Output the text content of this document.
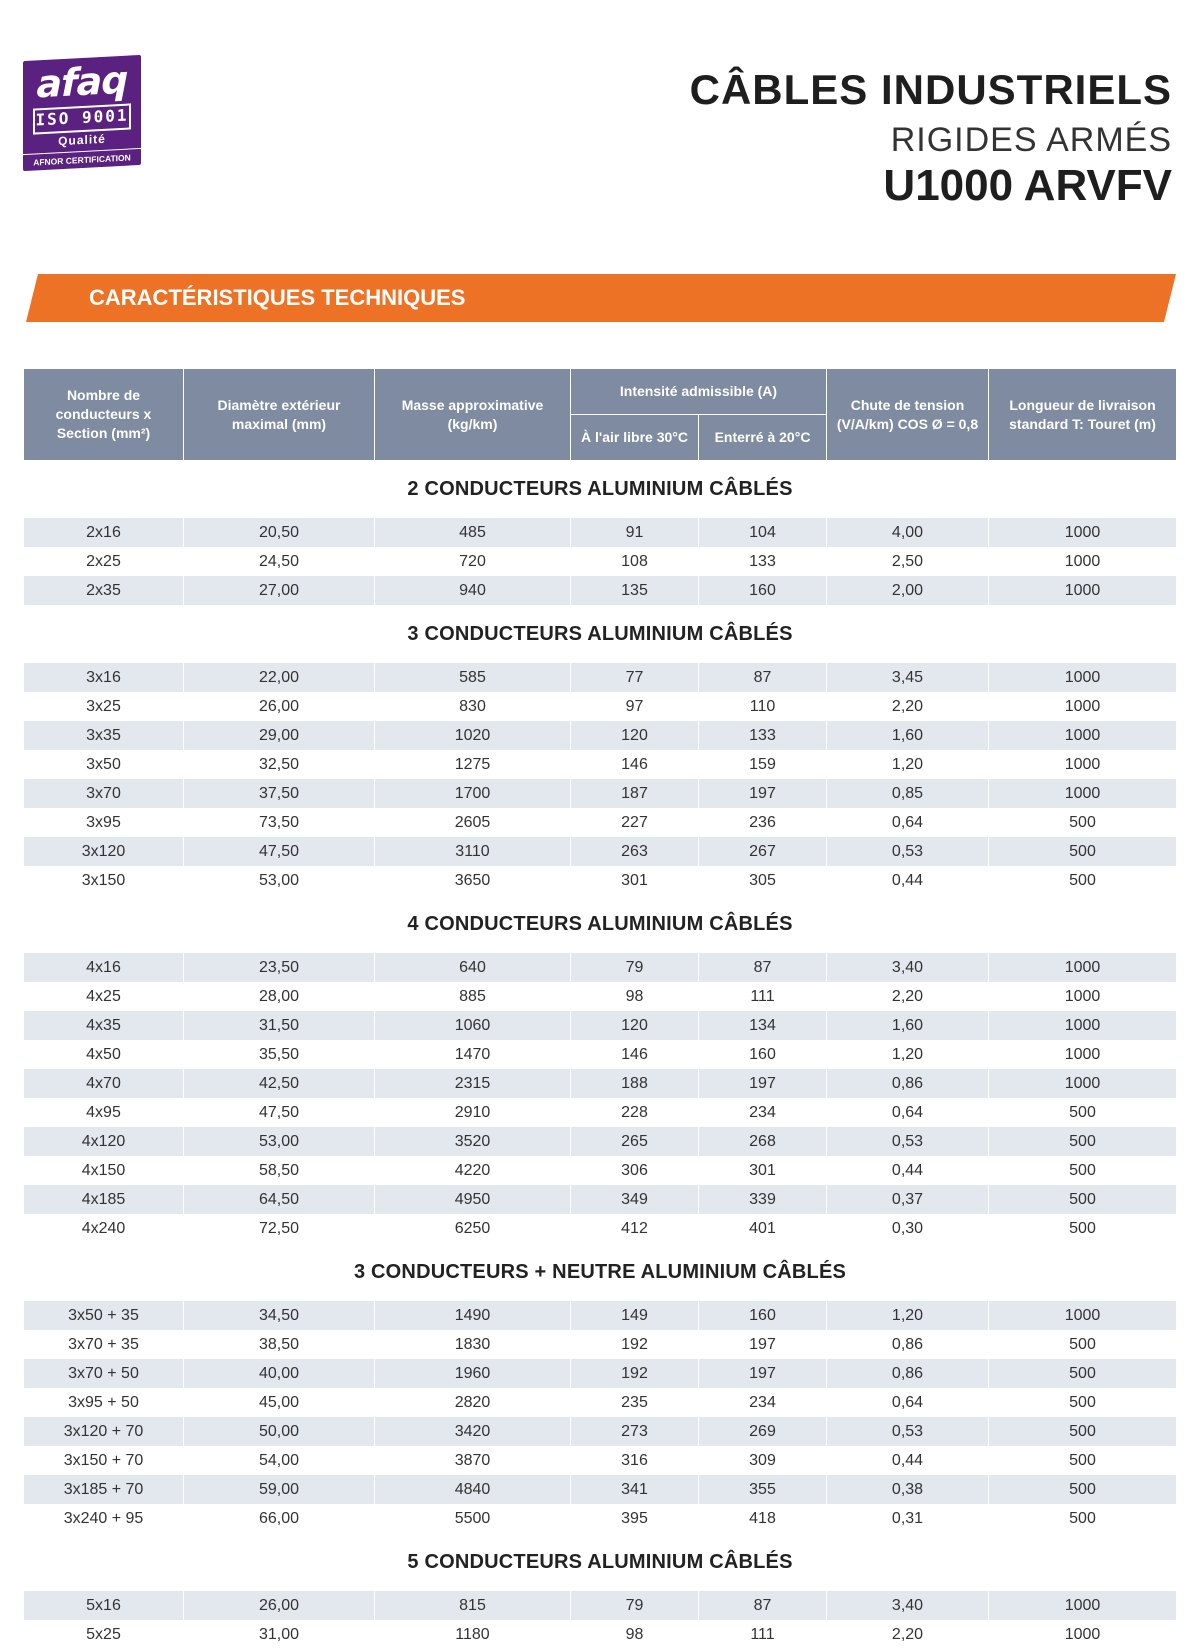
afaq
ISO 9001
Qualité
AFNOR CERTIFICATION
CÂBLES INDUSTRIELS
RIGIDES ARMÉS
U1000 ARVFV
CARACTÉRISTIQUES TECHNIQUES
Nombre de conducteurs x Section (mm²)	Diamètre extérieur maximal (mm)	Masse approximative (kg/km)	Intensité admissible (A)		Chute de tension (V/A/km) COS Ø = 0,8	Longueur de livraison standard T: Touret (m)
			À l'air libre 30°C	Enterré à 20°C		
2 CONDUCTEURS ALUMINIUM CÂBLÉS						
2x16	20,50	485	91	104	4,00	1000
2x25	24,50	720	108	133	2,50	1000
2x35	27,00	940	135	160	2,00	1000
3 CONDUCTEURS ALUMINIUM CÂBLÉS						
3x16	22,00	585	77	87	3,45	1000
3x25	26,00	830	97	110	2,20	1000
3x35	29,00	1020	120	133	1,60	1000
3x50	32,50	1275	146	159	1,20	1000
3x70	37,50	1700	187	197	0,85	1000
3x95	73,50	2605	227	236	0,64	500
3x120	47,50	3110	263	267	0,53	500
3x150	53,00	3650	301	305	0,44	500
4 CONDUCTEURS ALUMINIUM CÂBLÉS						
4x16	23,50	640	79	87	3,40	1000
4x25	28,00	885	98	111	2,20	1000
4x35	31,50	1060	120	134	1,60	1000
4x50	35,50	1470	146	160	1,20	1000
4x70	42,50	2315	188	197	0,86	1000
4x95	47,50	2910	228	234	0,64	500
4x120	53,00	3520	265	268	0,53	500
4x150	58,50	4220	306	301	0,44	500
4x185	64,50	4950	349	339	0,37	500
4x240	72,50	6250	412	401	0,30	500
3 CONDUCTEURS + NEUTRE ALUMINIUM CÂBLÉS						
3x50 + 35	34,50	1490	149	160	1,20	1000
3x70 + 35	38,50	1830	192	197	0,86	500
3x70 + 50	40,00	1960	192	197	0,86	500
3x95 + 50	45,00	2820	235	234	0,64	500
3x120 + 70	50,00	3420	273	269	0,53	500
3x150 + 70	54,00	3870	316	309	0,44	500
3x185 + 70	59,00	4840	341	355	0,38	500
3x240 + 95	66,00	5500	395	418	0,31	500
5 CONDUCTEURS ALUMINIUM CÂBLÉS						
5x16	26,00	815	79	87	3,40	1000
5x25	31,00	1180	98	111	2,20	1000
